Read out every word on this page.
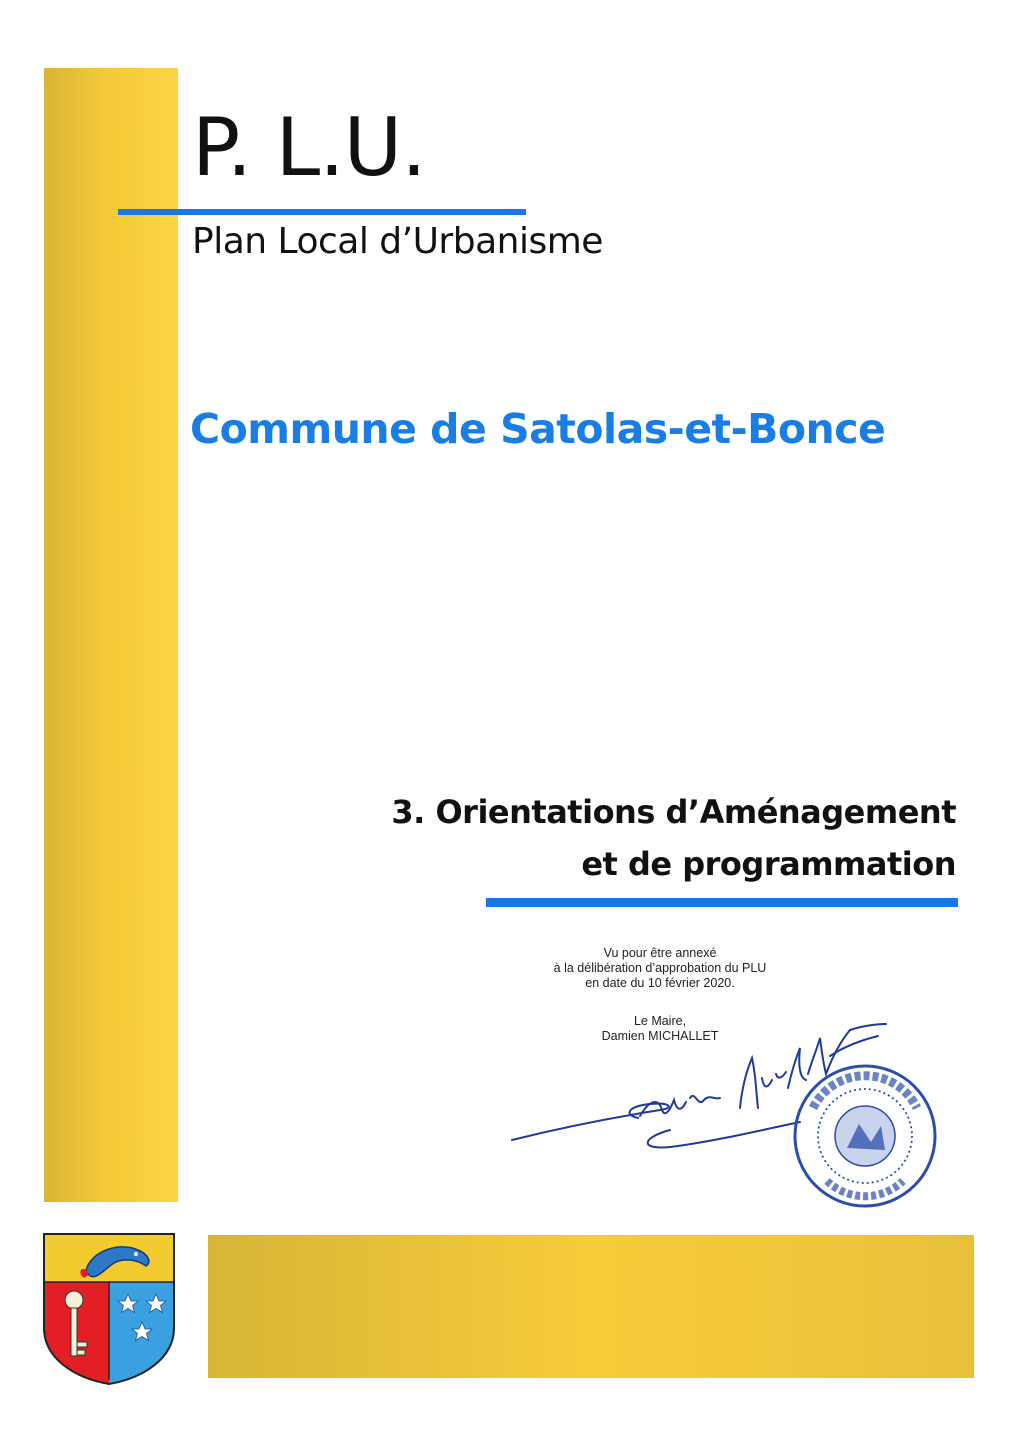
P. L.U.
Plan Local d’Urbanisme
Commune de Satolas-et-Bonce
3. Orientations d’Aménagement
et de programmation
Vu pour être annexé
à la délibération d’approbation du PLU
en date du 10 février 2020.
Le Maire,
Damien MICHALLET
